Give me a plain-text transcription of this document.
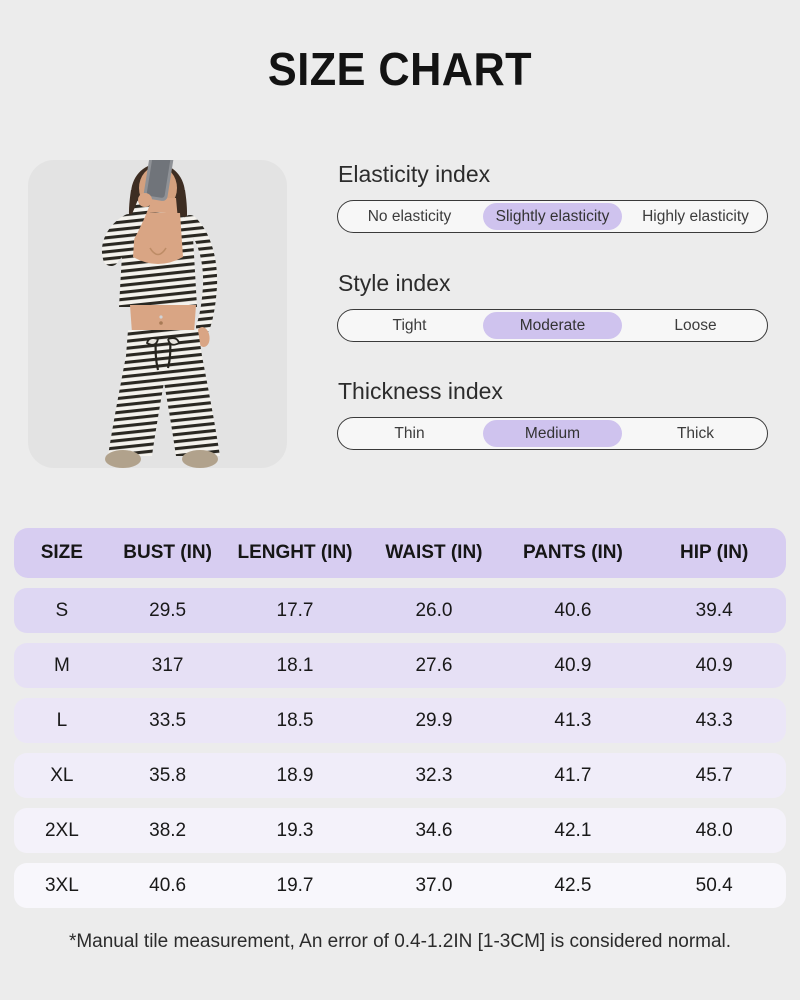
SIZE CHART
Elasticity index
No elasticity	Slightly elasticity	Highly elasticity
Style index
Tight	Moderate	Loose
Thickness index
Thin	Medium	Thick
SIZE	BUST (IN)	LENGHT (IN)	WAIST (IN)	PANTS (IN)	HIP (IN)
S	29.5	17.7	26.0	40.6	39.4
M	317	18.1	27.6	40.9	40.9
L	33.5	18.5	29.9	41.3	43.3
XL	35.8	18.9	32.3	41.7	45.7
2XL	38.2	19.3	34.6	42.1	48.0
3XL	40.6	19.7	37.0	42.5	50.4
*Manual tile measurement, An error of 0.4-1.2IN [1-3CM] is considered normal.
